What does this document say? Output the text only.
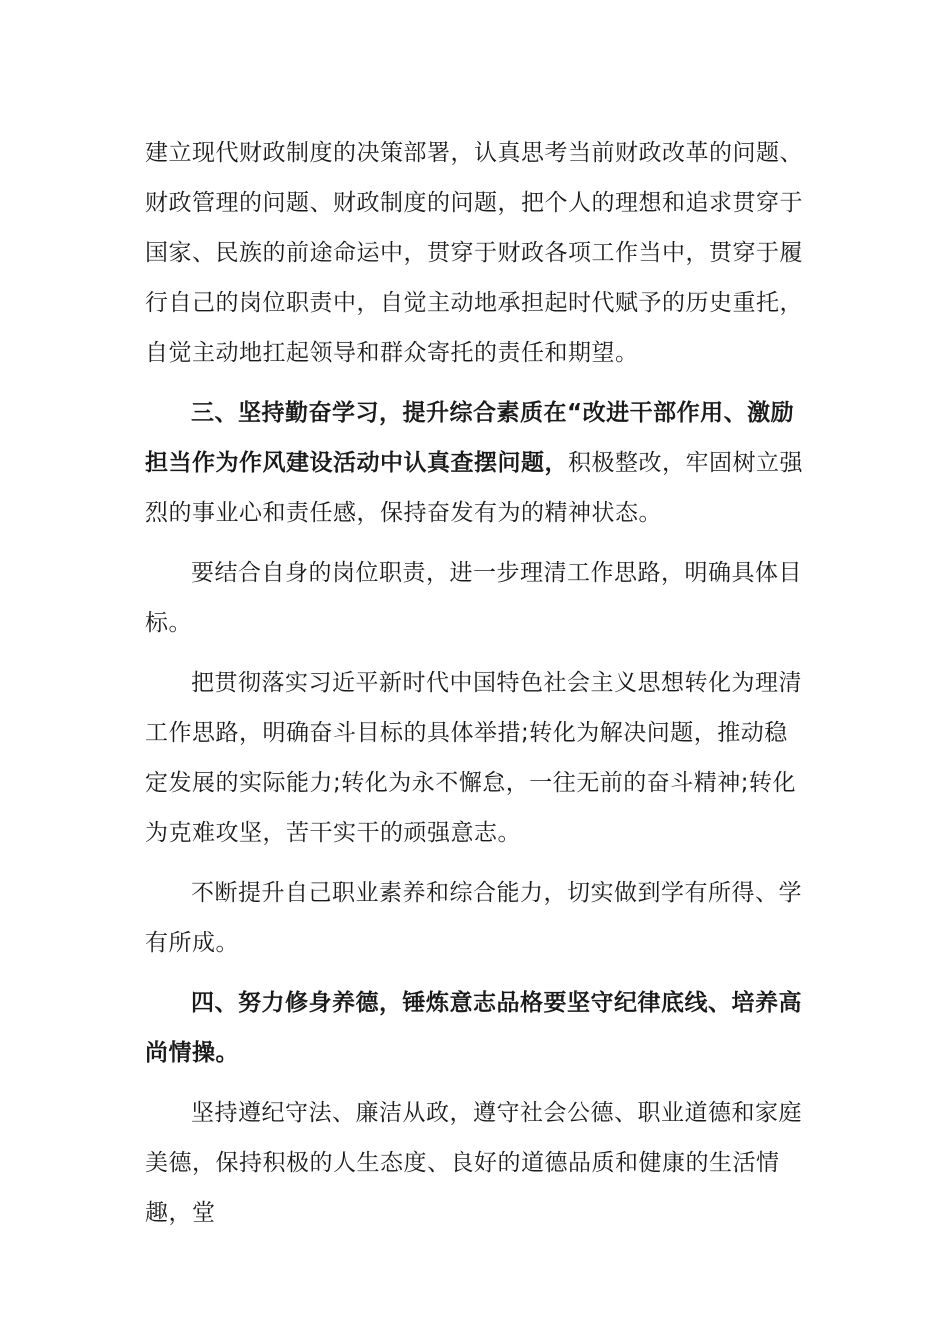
建立现代财政制度的决策部署，认真思考当前财政改革的问题、财政管理的问题、财政制度的问题，把个人的理想和追求贯穿于国家、民族的前途命运中，贯穿于财政各项工作当中，贯穿于履行自己的岗位职责中，自觉主动地承担起时代赋予的历史重托，自觉主动地扛起领导和群众寄托的责任和期望。

三、坚持勤奋学习，提升综合素质在“改进干部作用、激励担当作为作风建设活动中认真查摆问题，积极整改，牢固树立强烈的事业心和责任感，保持奋发有为的精神状态。

要结合自身的岗位职责，进一步理清工作思路，明确具体目标。

把贯彻落实习近平新时代中国特色社会主义思想转化为理清工作思路，明确奋斗目标的具体举措;转化为解决问题，推动稳定发展的实际能力;转化为永不懈怠，一往无前的奋斗精神;转化为克难攻坚，苦干实干的顽强意志。

不断提升自己职业素养和综合能力，切实做到学有所得、学有所成。

四、努力修身养德，锤炼意志品格要坚守纪律底线、培养高尚情操。

坚持遵纪守法、廉洁从政，遵守社会公德、职业道德和家庭美德，保持积极的人生态度、良好的道德品质和健康的生活情趣，堂
